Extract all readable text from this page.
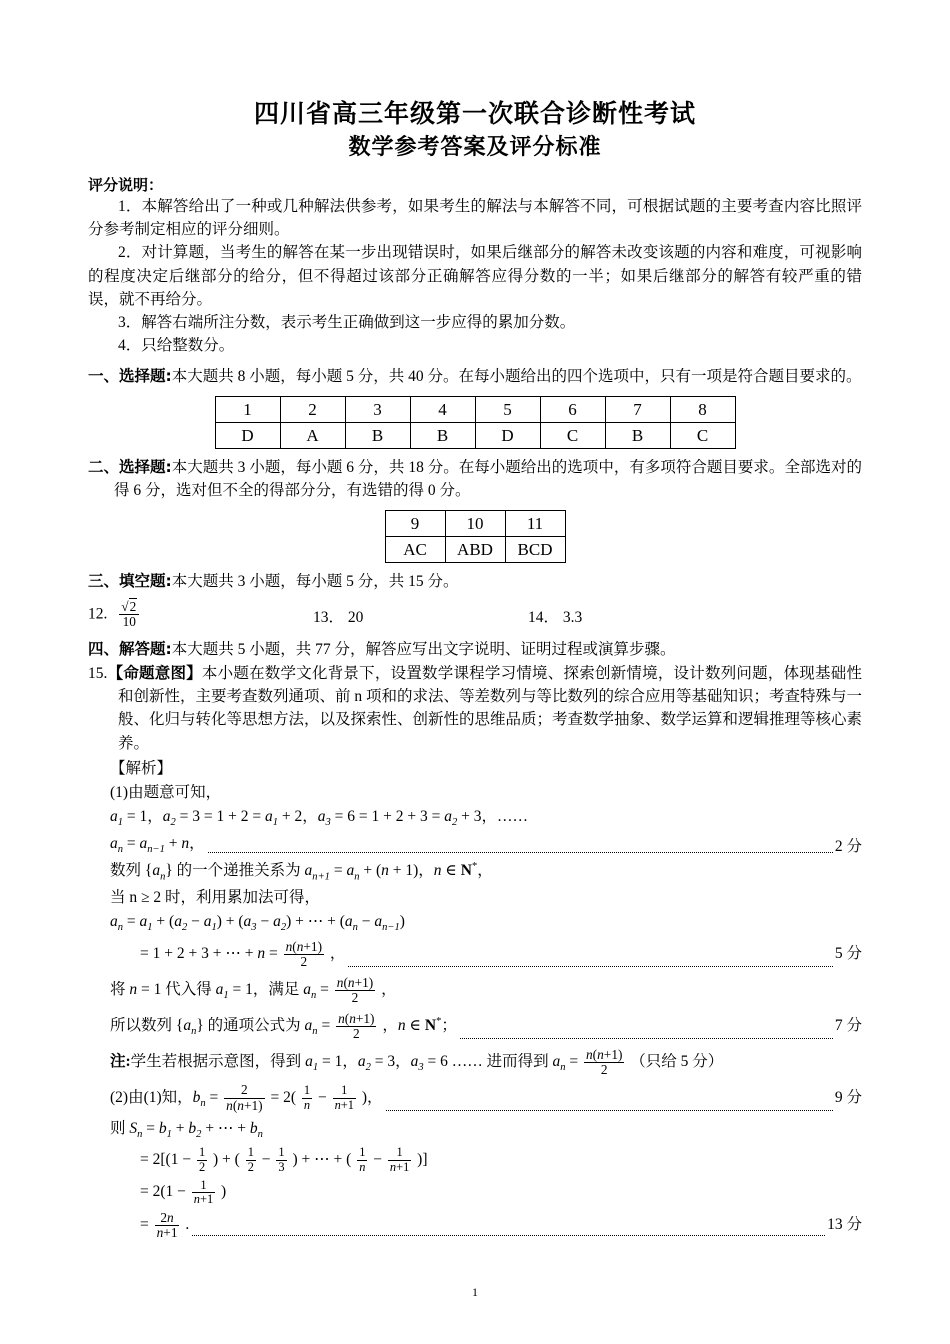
四川省高三年级第一次联合诊断性考试
数学参考答案及评分标准
评分说明：

1．本解答给出了一种或几种解法供参考，如果考生的解法与本解答不同，可根据试题的主要考查内容比照评分参考制定相应的评分细则。

2．对计算题，当考生的解答在某一步出现错误时，如果后继部分的解答未改变该题的内容和难度，可视影响的程度决定后继部分的给分，但不得超过该部分正确解答应得分数的一半；如果后继部分的解答有较严重的错误，就不再给分。

3．解答右端所注分数，表示考生正确做到这一步应得的累加分数。

4．只给整数分。

一、选择题:本大题共 8 小题，每小题 5 分，共 40 分。在每小题给出的四个选项中，只有一项是符合题目要求的。
1	2	3	4	5	6	7	8
D	A	B	B	D	C	B	C
二、选择题:本大题共 3 小题，每小题 6 分，共 18 分。在每小题给出的选项中，有多项符合题目要求。全部选对的得 6 分，选对但不全的得部分分，有选错的得 0 分。
9	10	11
AC	ABD	BCD
三、填空题:本大题共 3 小题，每小题 5 分，共 15 分。
12. $\frac{√2}{10}$	13． 20	14． 3.3
四、解答题:本大题共 5 小题，共 77 分，解答应写出文字说明、证明过程或演算步骤。
15.【命题意图】本小题在数学文化背景下，设置数学课程学习情境、探索创新情境，设计数列问题，体现基础性和创新性，主要考查数列通项、前 n 项和的求法、等差数列与等比数列的综合应用等基础知识；考查特殊与一般、化归与转化等思想方法，以及探索性、创新性的思维品质；考查数学抽象、数学运算和逻辑推理等核心素养。
【解析】
(1)由题意可知，
$a_1 = 1$，$a_2 = 3 = 1 + 2 = a_1 + 2$，$a_3 = 6 = 1 + 2 + 3 = a_2 + 3$，……
$a_n = a_{n-1} + n$，	2 分
数列 $\{a_n\}$ 的一个递推关系为 $a_{n+1} = a_n + (n + 1)$，n ∈ N*，
当 n ≥ 2 时，利用累加法可得，
$a_n = a_1 + (a_2 - a_1) + (a_3 - a_2)$ + ⋯ + $(a_n - a_{n-1})$
= 1 + 2 + 3 + ⋯ + $n = \frac{n(n+1)}{2}$ ，	5 分
将 n = 1 代入得 $a_1 = 1$，满足 $a_n = \frac{n(n+1)}{2}$ ，
所以数列 $\{a_n\}$ 的通项公式为 $a_n = \frac{n(n+1)}{2}$ ，n ∈ N*；	7 分
注:学生若根据示意图，得到 $a_1 = 1$，$a_2 = 3$，$a_3 = 6$ …… 进而得到 $a_n = \frac{n(n+1)}{2}$ （只给 5 分）
(2)由(1)知，$b_n = \frac{2}{n(n+1)} = 2( \frac{1}{n} - \frac{1}{n+1}$ )，	9 分
则 $S_n = b_1 + b_2$ + ⋯ + $b_n$
= $2[(1 - \frac{1}{2}$ ) + ( $\frac{1}{2} - \frac{1}{3}$ ) + ⋯ + ( $\frac{1}{n} - \frac{1}{n+1}$ )]
= $2(1 - \frac{1}{n+1}$ )
= $\frac{2n}{n+1}$ .	13 分
1
